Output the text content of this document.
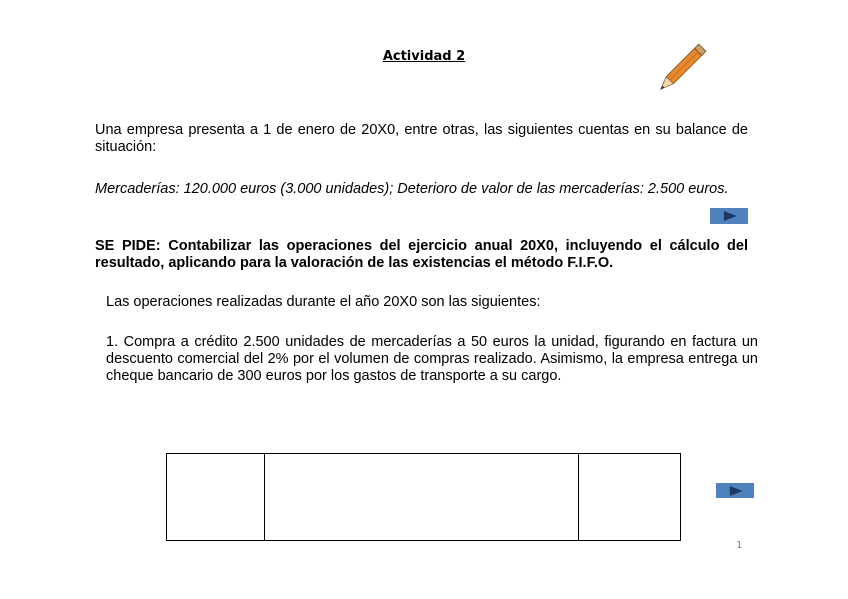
Actividad 2
Una empresa presenta a 1 de enero de 20X0, entre otras, las siguientes cuentas en su balance de situación:
Mercaderías: 120.000 euros (3.000 unidades); Deterioro de valor de las mercaderías: 2.500 euros.
SE PIDE: Contabilizar las operaciones del ejercicio anual 20X0, incluyendo el cálculo del resultado, aplicando para la valoración de las existencias el método F.I.F.O.
Las operaciones realizadas durante el año 20X0 son las siguientes:
1. Compra a crédito 2.500 unidades de mercaderías a 50 euros la unidad, figurando en factura un descuento comercial del 2% por el volumen de compras realizado. Asimismo, la empresa entrega un cheque bancario de 300 euros por los gastos de transporte a su cargo.
1
